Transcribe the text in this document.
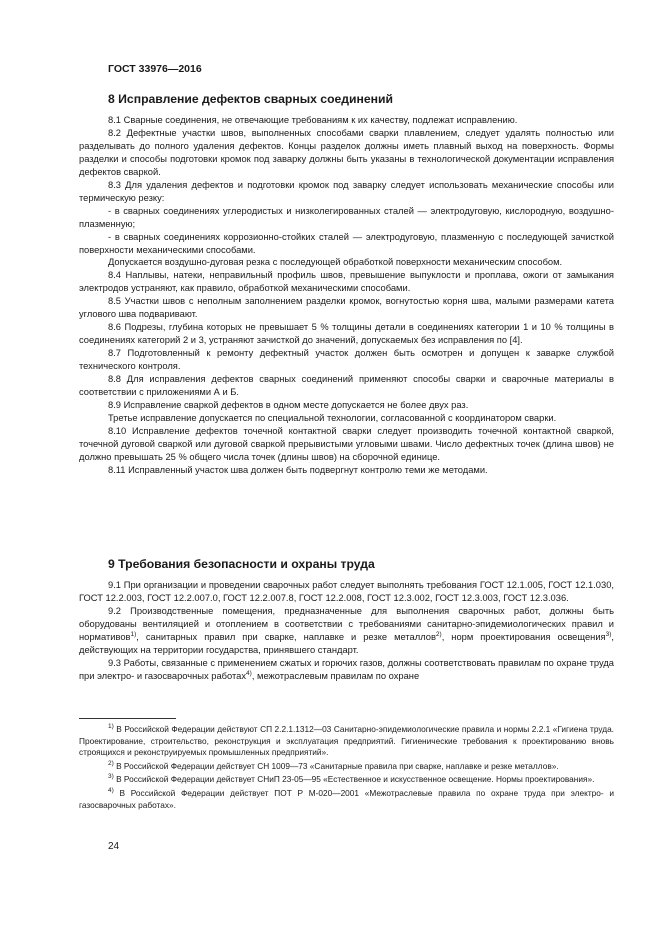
ГОСТ 33976—2016

8 Исправление дефектов сварных соединений

8.1 Сварные соединения, не отвечающие требованиям к их качеству, подлежат исправлению.

8.2 Дефектные участки швов, выполненных способами сварки плавлением, следует удалять полностью или разделывать до полного удаления дефектов. Концы разделок должны иметь плавный выход на поверхность. Формы разделки и способы подготовки кромок под заварку должны быть указаны в технологической документации исправления дефектов сваркой.

8.3 Для удаления дефектов и подготовки кромок под заварку следует использовать механические способы или термическую резку:

- в сварных соединениях углеродистых и низколегированных сталей — электродуговую, кислородную, воздушно-плазменную;

- в сварных соединениях коррозионно-стойких сталей — электродуговую, плазменную с последующей зачисткой поверхности механическими способами.

Допускается воздушно-дуговая резка с последующей обработкой поверхности механическим способом.

8.4 Наплывы, натеки, неправильный профиль швов, превышение выпуклости и проплава, ожоги от замыкания электродов устраняют, как правило, обработкой механическими способами.

8.5 Участки швов с неполным заполнением разделки кромок, вогнутостью корня шва, малыми размерами катета углового шва подваривают.

8.6 Подрезы, глубина которых не превышает 5 % толщины детали в соединениях категории 1 и 10 % толщины в соединениях категорий 2 и 3, устраняют зачисткой до значений, допускаемых без исправления по [4].

8.7 Подготовленный к ремонту дефектный участок должен быть осмотрен и допущен к заварке службой технического контроля.

8.8 Для исправления дефектов сварных соединений применяют способы сварки и сварочные материалы в соответствии с приложениями А и Б.

8.9 Исправление сваркой дефектов в одном месте допускается не более двух раз.

Третье исправление допускается по специальной технологии, согласованной с координатором сварки.

8.10 Исправление дефектов точечной контактной сварки следует производить точечной контактной сваркой, точечной дуговой сваркой или дуговой сваркой прерывистыми угловыми швами. Число дефектных точек (длина швов) не должно превышать 25 % общего числа точек (длины швов) на сборочной единице.

8.11 Исправленный участок шва должен быть подвергнут контролю теми же методами.

9 Требования безопасности и охраны труда

9.1 При организации и проведении сварочных работ следует выполнять требования ГОСТ 12.1.005, ГОСТ 12.1.030, ГОСТ 12.2.003, ГОСТ 12.2.007.0, ГОСТ 12.2.007.8, ГОСТ 12.2.008, ГОСТ 12.3.002, ГОСТ 12.3.003, ГОСТ 12.3.036.

9.2 Производственные помещения, предназначенные для выполнения сварочных работ, должны быть оборудованы вентиляцией и отоплением в соответствии с требованиями санитарно-эпидемиологических правил и нормативов$^{1)}$, санитарных правил при сварке, наплавке и резке металлов$^{2)}$, норм проектирования освещения$^{3)}$, действующих на территории государства, принявшего стандарт.

9.3 Работы, связанные с применением сжатых и горючих газов, должны соответствовать правилам по охране труда при электро- и газосварочных работах$^{4)}$, межотраслевым правилам по охране

$^{1)}$ В Российской Федерации действуют СП 2.2.1.1312—03 Санитарно-эпидемиологические правила и нормы 2.2.1 «Гигиена труда. Проектирование, строительство, реконструкция и эксплуатация предприятий. Гигиенические требования к проектированию вновь строящихся и реконструируемых промышленных предприятий».

$^{2)}$ В Российской Федерации действует СН 1009—73 «Санитарные правила при сварке, наплавке и резке металлов».

$^{3)}$ В Российской Федерации действует СНиП 23-05—95 «Естественное и искусственное освещение. Нормы проектирования».

$^{4)}$ В Российской Федерации действует ПОТ Р М-020—2001 «Межотраслевые правила по охране труда при электро- и газосварочных работах».

24
